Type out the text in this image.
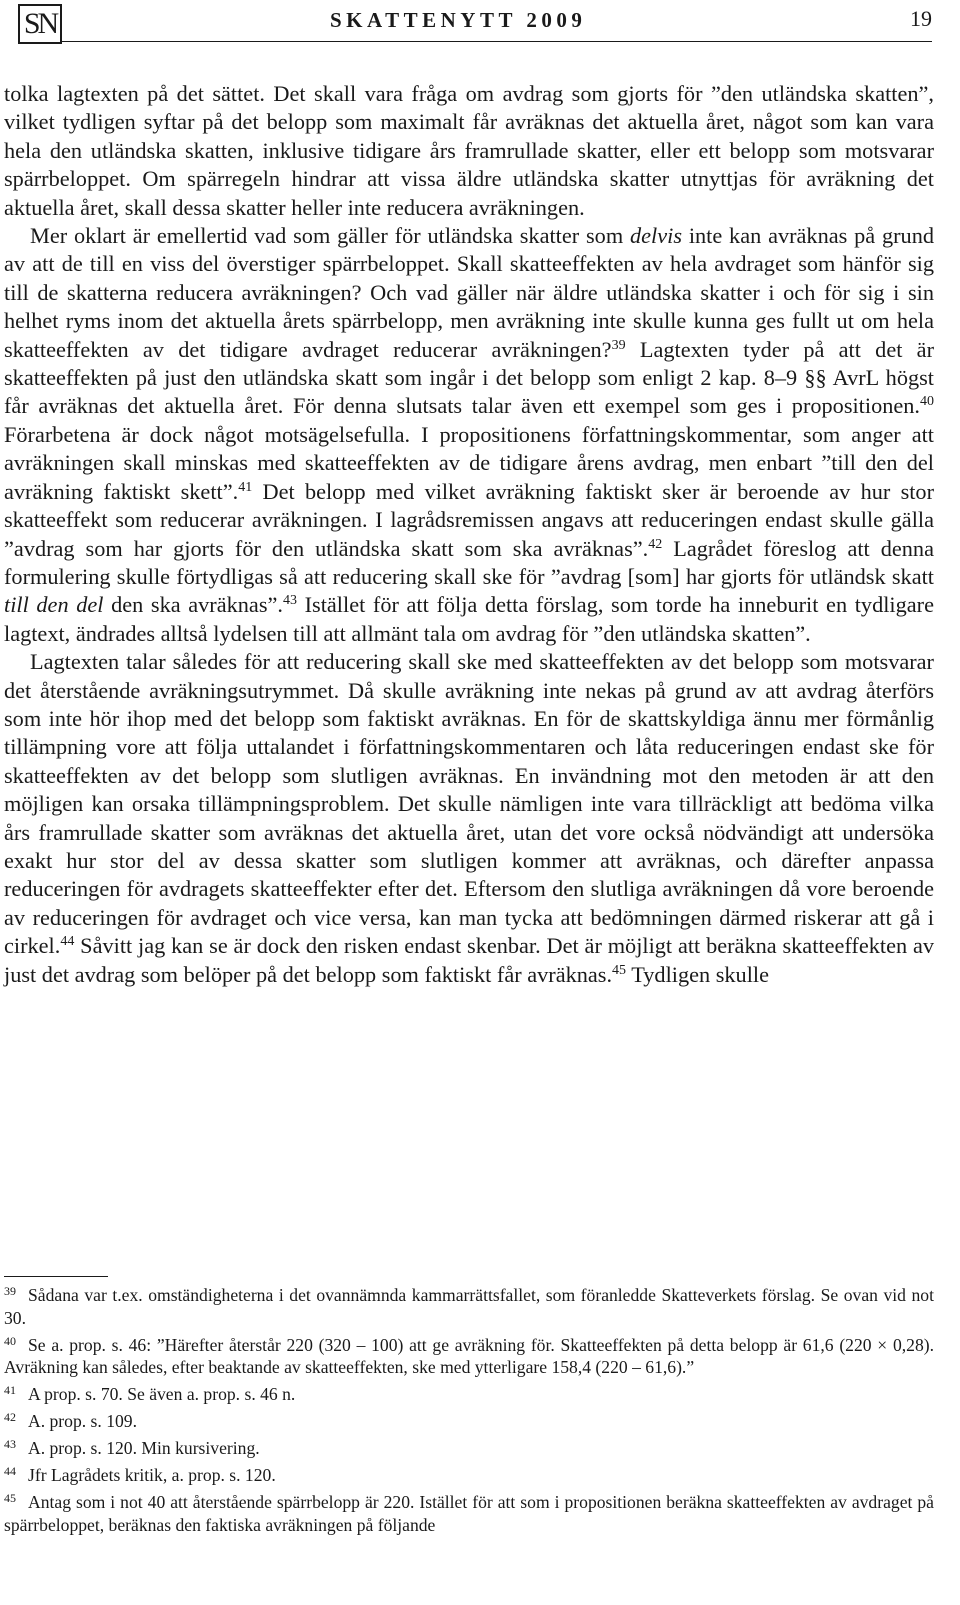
SN	SKATTENYTT 2009	19

tolka lagtexten på det sättet. Det skall vara fråga om avdrag som gjorts för ”den utländska skatten”, vilket tydligen syftar på det belopp som maximalt får avräknas det aktuella året, något som kan vara hela den utländska skatten, inklusive tidigare års framrullade skatter, eller ett belopp som motsvarar spärrbeloppet. Om spärregeln hindrar att vissa äldre utländska skatter utnyttjas för avräkning det aktuella året, skall dessa skatter heller inte reducera avräkningen.

Mer oklart är emellertid vad som gäller för utländska skatter som delvis inte kan avräknas på grund av att de till en viss del överstiger spärrbeloppet. Skall skatteeffekten av hela avdraget som hänför sig till de skatterna reducera avräkningen? Och vad gäller när äldre utländska skatter i och för sig i sin helhet ryms inom det aktuella årets spärrbelopp, men avräkning inte skulle kunna ges fullt ut om hela skatteeffekten av det tidigare avdraget reducerar avräkningen?$^{39}$ Lagtexten tyder på att det är skatteeffekten på just den utländska skatt som ingår i det belopp som enligt 2 kap. 8–9 §§ AvrL högst får avräknas det aktuella året. För denna slutsats talar även ett exempel som ges i propositionen.$^{40}$ Förarbetena är dock något motsägelsefulla. I propositionens författningskommentar, som anger att avräkningen skall minskas med skatteeffekten av de tidigare årens avdrag, men enbart ”till den del avräkning faktiskt skett”.$^{41}$ Det belopp med vilket avräkning faktiskt sker är beroende av hur stor skatteeffekt som reducerar avräkningen. I lagrådsremissen angavs att reduceringen endast skulle gälla ”avdrag som har gjorts för den utländska skatt som ska avräknas”.$^{42}$ Lagrådet föreslog att denna formulering skulle förtydligas så att reducering skall ske för ”avdrag [som] har gjorts för utländsk skatt till den del den ska avräknas”.$^{43}$ Istället för att följa detta förslag, som torde ha inneburit en tydligare lagtext, ändrades alltså lydelsen till att allmänt tala om avdrag för ”den utländska skatten”.

Lagtexten talar således för att reducering skall ske med skatteeffekten av det belopp som motsvarar det återstående avräkningsutrymmet. Då skulle avräkning inte nekas på grund av att avdrag återförs som inte hör ihop med det belopp som faktiskt avräknas. En för de skattskyldiga ännu mer förmånlig tillämpning vore att följa uttalandet i författningskommentaren och låta reduceringen endast ske för skatteeffekten av det belopp som slutligen avräknas. En invändning mot den metoden är att den möjligen kan orsaka tillämpningsproblem. Det skulle nämligen inte vara tillräckligt att bedöma vilka års framrullade skatter som avräknas det aktuella året, utan det vore också nödvändigt att undersöka exakt hur stor del av dessa skatter som slutligen kommer att avräknas, och därefter anpassa reduceringen för avdragets skatteeffekter efter det. Eftersom den slutliga avräkningen då vore beroende av reduceringen för avdraget och vice versa, kan man tycka att bedömningen därmed riskerar att gå i cirkel.$^{44}$ Såvitt jag kan se är dock den risken endast skenbar. Det är möjligt att beräkna skatteeffekten av just det avdrag som belöper på det belopp som faktiskt får avräknas.$^{45}$ Tydligen skulle

39 Sådana var t.ex. omständigheterna i det ovannämnda kammarrättsfallet, som föranledde Skatteverkets förslag. Se ovan vid not 30.

40 Se a. prop. s. 46: ”Härefter återstår 220 (320 – 100) att ge avräkning för. Skatteeffekten på detta belopp är 61,6 (220 × 0,28). Avräkning kan således, efter beaktande av skatteeffekten, ske med ytterligare 158,4 (220 – 61,6).”

41 A prop. s. 70. Se även a. prop. s. 46 n.

42 A. prop. s. 109.

43 A. prop. s. 120. Min kursivering.

44 Jfr Lagrådets kritik, a. prop. s. 120.

45 Antag som i not 40 att återstående spärrbelopp är 220. Istället för att som i propositionen beräkna skatteeffekten av avdraget på spärrbeloppet, beräknas den faktiska avräkningen på följande
